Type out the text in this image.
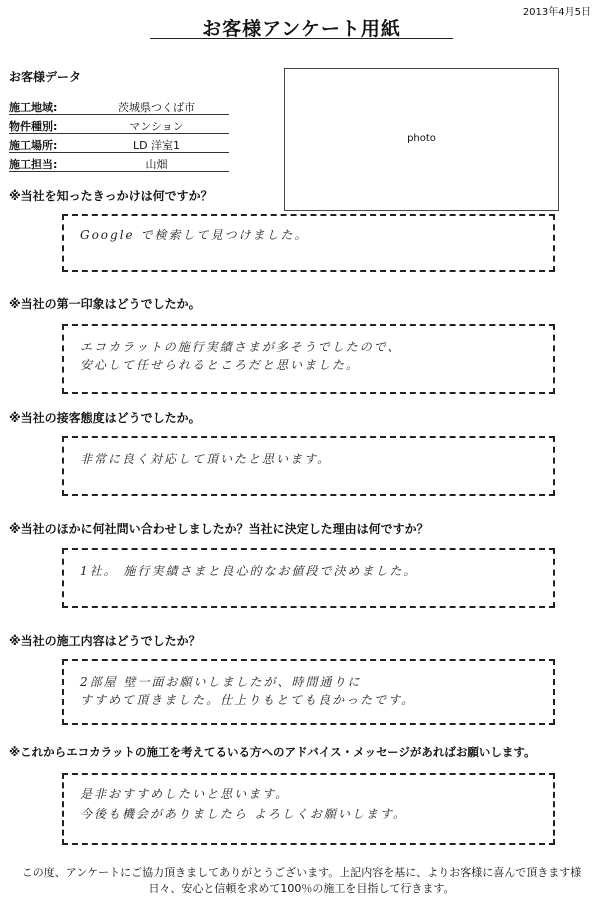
2013年4月5日
お客様アンケート用紙
お客様データ
施工地域:	茨城県つくば市
物件種別:	マンション
施工場所:	LD 洋室1
施工担当:	山畑
photo
※当社を知ったきっかけは何ですか？
Google で検索して見つけました。
※当社の第一印象はどうでしたか。
エコカラットの施行実績さまが多そうでしたので、
安心して任せられるところだと思いました。
※当社の接客態度はどうでしたか。
非常に良く対応して頂いたと思います。
※当社のほかに何社問い合わせしましたか？当社に決定した理由は何ですか？
1社。 施行実績さまと良心的なお値段で決めました。
※当社の施工内容はどうでしたか？
2部屋 壁一面お願いしましたが、時間通りに
すすめて頂きました。仕上りもとても良かったです。
※これからエコカラットの施工を考えてるいる方へのアドバイス・メッセージがあればお願いします。
是非おすすめしたいと思います。
今後も機会がありましたら よろしくお願いします。
この度、アンケートにご協力頂きましてありがとうございます。上記内容を基に、よりお客様に喜んで頂きます様
日々、安心と信頼を求めて100％の施工を目指して行きます。
